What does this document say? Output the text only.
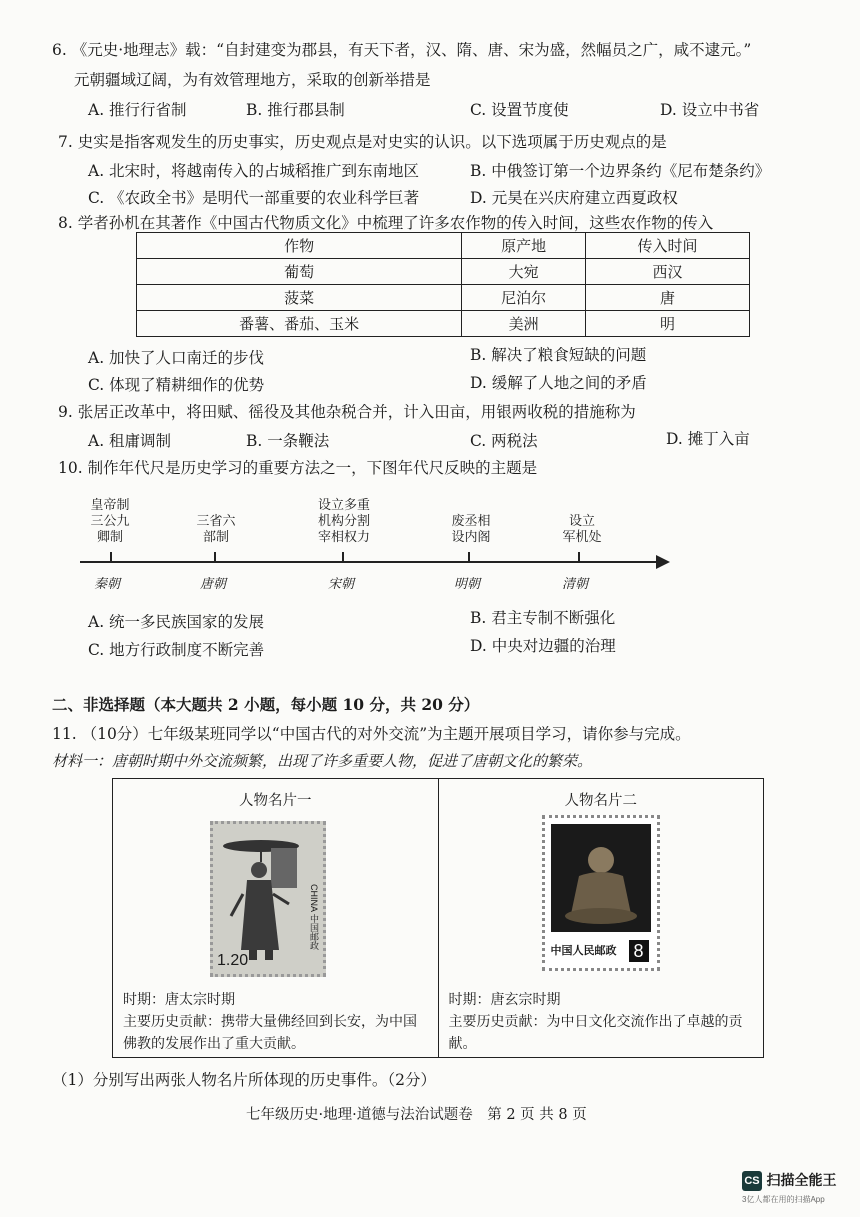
6. 《元史·地理志》载：“自封建变为郡县，有天下者，汉、隋、唐、宋为盛，然幅员之广，咸不逮元。”
元朝疆域辽阔，为有效管理地方，采取的创新举措是
A. 推行行省制	B. 推行郡县制	C. 设置节度使	D. 设立中书省
7. 史实是指客观发生的历史事实，历史观点是对史实的认识。以下选项属于历史观点的是
A. 北宋时，将越南传入的占城稻推广到东南地区	B. 中俄签订第一个边界条约《尼布楚条约》
C. 《农政全书》是明代一部重要的农业科学巨著	D. 元昊在兴庆府建立西夏政权
8. 学者孙机在其著作《中国古代物质文化》中梳理了许多农作物的传入时间，这些农作物的传入
作物	原产地	传入时间
葡萄	大宛	西汉
菠菜	尼泊尔	唐
番薯、番茄、玉米	美洲	明
A. 加快了人口南迁的步伐	B. 解决了粮食短缺的问题
C. 体现了精耕细作的优势	D. 缓解了人地之间的矛盾
9. 张居正改革中，将田赋、徭役及其他杂税合并，计入田亩，用银两收税的措施称为
A. 租庸调制	B. 一条鞭法	C. 两税法	D. 摊丁入亩
10. 制作年代尺是历史学习的重要方法之一，下图年代尺反映的主题是
皇帝制
三公九
卿制
秦朝
三省六
部制
唐朝
设立多重
机构分割
宰相权力
宋朝
废丞相
设内阁
明朝
设立
军机处
清朝
A. 统一多民族国家的发展	B. 君主专制不断强化
C. 地方行政制度不断完善	D. 中央对边疆的治理
二、非选择题（本大题共 2 小题，每小题 10 分，共 20 分）
11. （10分）七年级某班同学以“中国古代的对外交流”为主题开展项目学习，请你参与完成。
材料一：唐朝时期中外交流频繁，出现了许多重要人物，促进了唐朝文化的繁荣。
人物名片一
1.20
CHINA 中国邮政
时期：唐太宗时期
主要历史贡献：携带大量佛经回到长安，为中国佛教的发展作出了重大贡献。
人物名片二
中国人民邮政 8
时期：唐玄宗时期
主要历史贡献：为中日文化交流作出了卓越的贡献。
（1）分别写出两张人物名片所体现的历史事件。（2分）
七年级历史·地理·道德与法治试题卷　第 2 页 共 8 页
CS 扫描全能王
3亿人都在用的扫描App
